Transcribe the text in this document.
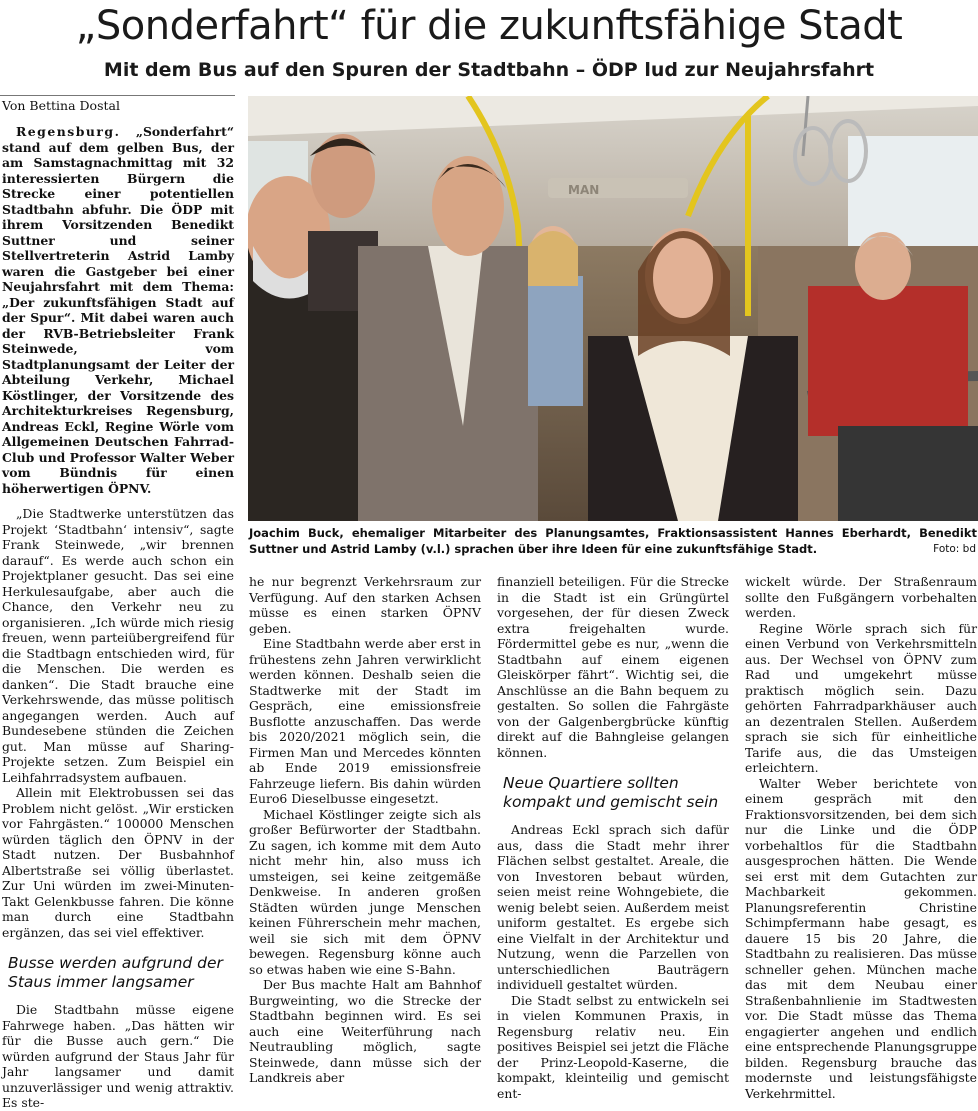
„Sonderfahrt“ für die zukunftsfähige Stadt
Mit dem Bus auf den Spuren der Stadtbahn – ÖDP lud zur Neujahrsfahrt
Von Bettina Dostal

Regensburg. „Sonderfahrt“ stand auf dem gelben Bus, der am Samstagnachmittag mit 32 interessierten Bürgern die Strecke einer potentiellen Stadtbahn abfuhr. Die ÖDP mit ihrem Vorsitzenden Benedikt Suttner und seiner Stellvertreterin Astrid Lamby waren die Gastgeber bei einer Neujahrsfahrt mit dem Thema: „Der zukunftsfähigen Stadt auf der Spur“. Mit dabei waren auch der RVB-Betriebsleiter Frank Steinwede, vom Stadtplanungsamt der Leiter der Abteilung Verkehr, Michael Köstlinger, der Vorsitzende des Architekturkreises Regensburg, Andreas Eckl, Regine Wörle vom Allgemeinen Deutschen Fahrrad-Club und Professor Walter Weber vom Bündnis für einen höherwertigen ÖPNV.

„Die Stadtwerke unterstützen das Projekt ‘Stadtbahn‘ intensiv“, sagte Frank Steinwede, „wir brennen darauf“. Es werde auch schon ein Projektplaner gesucht. Das sei eine Herkulesaufgabe, aber auch die Chance, den Verkehr neu zu organisieren. „Ich würde mich riesig freuen, wenn parteiübergreifend für die Stadtbagn entschieden wird, für die Menschen. Die werden es danken“. Die Stadt brauche eine Verkehrswende, das müsse politisch angegangen werden. Auch auf Bundesebene stünden die Zeichen gut. Man müsse auf Sharing-Projekte setzen. Zum Beispiel ein Leihfahrradsystem aufbauen.

Allein mit Elektrobussen sei das Problem nicht gelöst. „Wir ersticken vor Fahrgästen.“ 100000 Menschen würden täglich den ÖPNV in der Stadt nutzen. Der Busbahnhof Albertstraße sei völlig überlastet. Zur Uni würden im zwei-Minuten-Takt Gelenkbusse fahren. Die könne man durch eine Stadtbahn ergänzen, das sei viel effektiver.

Busse werden aufgrund der Staus immer langsamer

Die Stadtbahn müsse eigene Fahrwege haben. „Das hätten wir für die Busse auch gern.“ Die würden aufgrund der Staus Jahr für Jahr langsamer und damit unzuverlässiger und wenig attraktiv. Es ste-

MAN
Joachim Buck, ehemaliger Mitarbeiter des Planungsamtes, Fraktionsassistent Hannes Eberhardt, Benedikt Suttner und Astrid Lamby (v.l.) sprachen über ihre Ideen für eine zukunftsfähige Stadt.	Foto: bd

he nur begrenzt Verkehrsraum zur Verfügung. Auf den starken Achsen müsse es einen starken ÖPNV geben.

Eine Stadtbahn werde aber erst in frühestens zehn Jahren verwirklicht werden können. Deshalb seien die Stadtwerke mit der Stadt im Gespräch, eine emissionsfreie Busflotte anzuschaffen. Das werde bis 2020/2021 möglich sein, die Firmen Man und Mercedes könnten ab Ende 2019 emissionsfreie Fahrzeuge liefern. Bis dahin würden Euro6 Dieselbusse eingesetzt.

Michael Köstlinger zeigte sich als großer Befürworter der Stadtbahn. Zu sagen, ich komme mit dem Auto nicht mehr hin, also muss ich umsteigen, sei keine zeitgemäße Denkweise. In anderen großen Städten würden junge Menschen keinen Führerschein mehr machen, weil sie sich mit dem ÖPNV bewegen. Regensburg könne auch so etwas haben wie eine S-Bahn.

Der Bus machte Halt am Bahnhof Burgweinting, wo die Strecke der Stadtbahn beginnen wird. Es sei auch eine Weiterführung nach Neutraubling möglich, sagte Steinwede, dann müsse sich der Landkreis aber

finanziell beteiligen. Für die Strecke in die Stadt ist ein Grüngürtel vorgesehen, der für diesen Zweck extra freigehalten wurde. Fördermittel gebe es nur, „wenn die Stadtbahn auf einem eigenen Gleiskörper fährt“. Wichtig sei, die Anschlüsse an die Bahn bequem zu gestalten. So sollen die Fahrgäste von der Galgenbergbrücke künftig direkt auf die Bahngleise gelangen können.

Neue Quartiere sollten kompakt und gemischt sein

Andreas Eckl sprach sich dafür aus, dass die Stadt mehr ihrer Flächen selbst gestaltet. Areale, die von Investoren bebaut würden, seien meist reine Wohngebiete, die wenig belebt seien. Außerdem meist uniform gestaltet. Es ergebe sich eine Vielfalt in der Architektur und Nutzung, wenn die Parzellen von unterschiedlichen Bauträgern individuell gestaltet würden.

Die Stadt selbst zu entwickeln sei in vielen Kommunen Praxis, in Regensburg relativ neu. Ein positives Beispiel sei jetzt die Fläche der Prinz-Leopold-Kaserne, die kompakt, kleinteilig und gemischt ent-

wickelt würde. Der Straßenraum sollte den Fußgängern vorbehalten werden.

Regine Wörle sprach sich für einen Verbund von Verkehrsmitteln aus. Der Wechsel von ÖPNV zum Rad und umgekehrt müsse praktisch möglich sein. Dazu gehörten Fahrradparkhäuser auch an dezentralen Stellen. Außerdem sprach sie sich für einheitliche Tarife aus, die das Umsteigen erleichtern.

Walter Weber berichtete von einem gespräch mit den Fraktionsvorsitzenden, bei dem sich nur die Linke und die ÖDP vorbehaltlos für die Stadtbahn ausgesprochen hätten. Die Wende sei erst mit dem Gutachten zur Machbarkeit gekommen. Planungsreferentin Christine Schimpfermann habe gesagt, es dauere 15 bis 20 Jahre, die Stadtbahn zu realisieren. Das müsse schneller gehen. München mache das mit dem Neubau einer Straßenbahnlienie im Stadtwesten vor. Die Stadt müsse das Thema engagierter angehen und endlich eine entsprechende Planungsgruppe bilden. Regensburg brauche das modernste und leistungsfähigste Verkehrmittel.
